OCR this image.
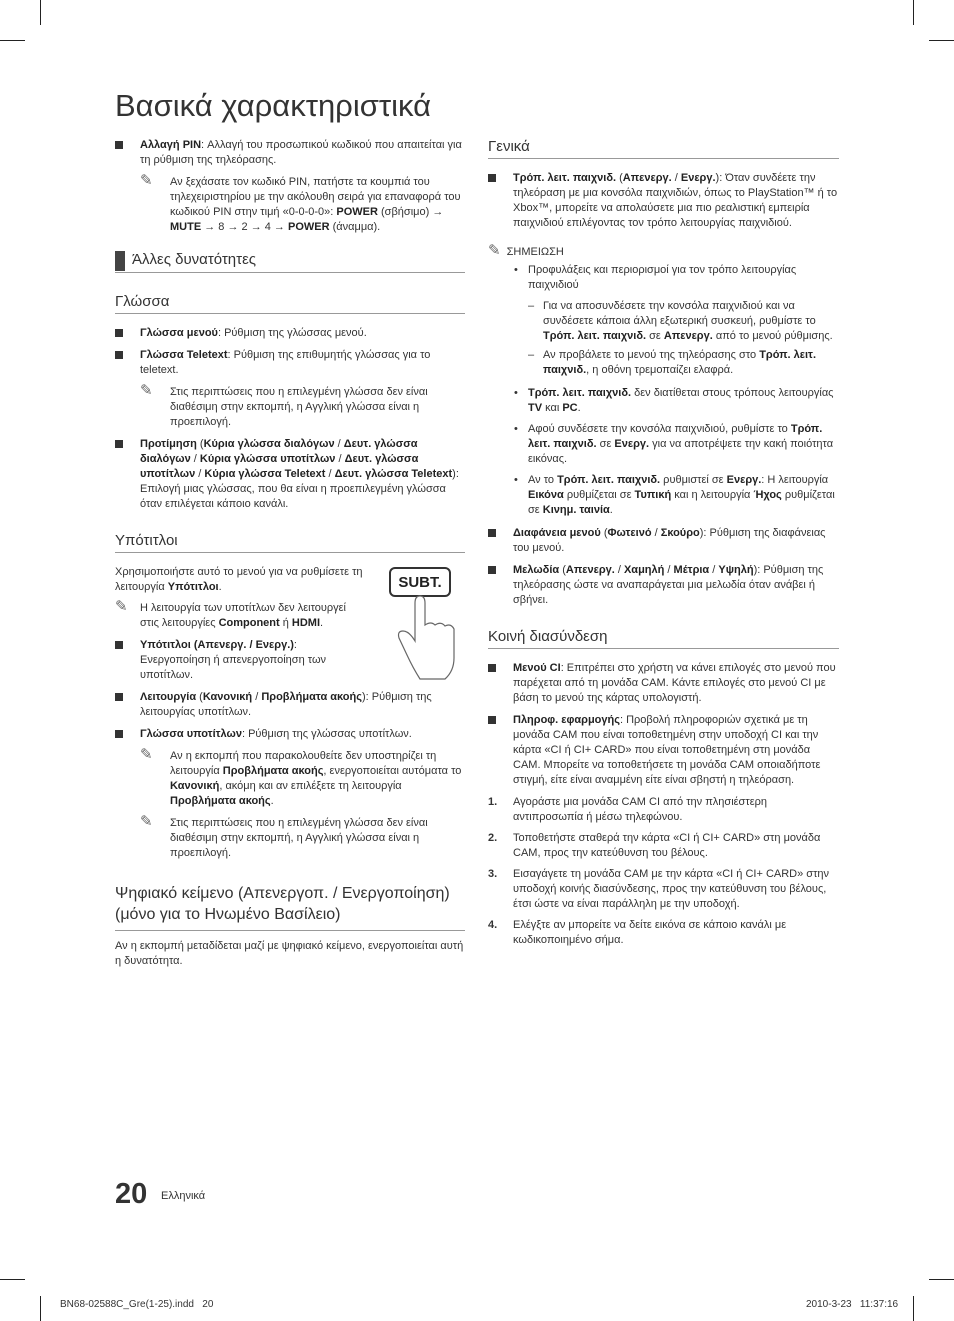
Βασικά χαρακτηριστικά
Αλλαγή PIN: Αλλαγή του προσωπικού κωδικού που απαιτείται για τη ρύθμιση της τηλεόρασης.
✎ Αν ξεχάσατε τον κωδικό PIN, πατήστε τα κουμπιά του τηλεχειριστηρίου με την ακόλουθη σειρά για επαναφορά του κωδικού PIN στην τιμή «0-0-0-0»: POWER (σβήσιμο) → MUTE → 8 → 2 → 4 → POWER (άναμμα).
Άλλες δυνατότητες
Γλώσσα
Γλώσσα μενού: Ρύθμιση της γλώσσας μενού.
Γλώσσα Teletext: Ρύθμιση της επιθυμητής γλώσσας για το teletext.
✎ Στις περιπτώσεις που η επιλεγμένη γλώσσα δεν είναι διαθέσιμη στην εκπομπή, η Αγγλική γλώσσα είναι η προεπιλογή.
Προτίμηση (Κύρια γλώσσα διαλόγων / Δευτ. γλώσσα διαλόγων / Κύρια γλώσσα υποτίτλων / Δευτ. γλώσσα υποτίτλων / Κύρια γλώσσα Teletext / Δευτ. γλώσσα Teletext): Επιλογή μιας γλώσσας, που θα είναι η προεπιλεγμένη γλώσσα όταν επιλέγεται κάποιο κανάλι.
Υπότιτλοι
SUBT.
Χρησιμοποιήστε αυτό το μενού για να ρυθμίσετε τη λειτουργία Υπότιτλοι.
✎ Η λειτουργία των υποτίτλων δεν λειτουργεί στις λειτουργίες Component ή HDMI.
Υπότιτλοι (Απενεργ. / Ενεργ.): Ενεργοποίηση ή απενεργοποίηση των υποτίτλων.
Λειτουργία (Κανονική / Προβλήματα ακοής): Ρύθμιση της λειτουργίας υποτίτλων.
Γλώσσα υποτίτλων: Ρύθμιση της γλώσσας υποτίτλων.
✎ Αν η εκπομπή που παρακολουθείτε δεν υποστηρίζει τη λειτουργία Προβλήματα ακοής, ενεργοποιείται αυτόματα το Κανονική, ακόμη και αν επιλέξετε τη λειτουργία Προβλήματα ακοής.
✎ Στις περιπτώσεις που η επιλεγμένη γλώσσα δεν είναι διαθέσιμη στην εκπομπή, η Αγγλική γλώσσα είναι η προεπιλογή.
Ψηφιακό κείμενο (Απενεργοπ. / Ενεργοποίηση) (μόνο για το Ηνωμένο Βασίλειο)
Αν η εκπομπή μεταδίδεται μαζί με ψηφιακό κείμενο, ενεργοποιείται αυτή η δυνατότητα.
Γενικά
Τρόπ. λειτ. παιχνιδ. (Απενεργ. / Ενεργ.): Όταν συνδέετε την τηλεόραση με μια κονσόλα παιχνιδιών, όπως το PlayStation™ ή το Xbox™, μπορείτε να απολαύσετε μια πιο ρεαλιστική εμπειρία παιχνιδιού επιλέγοντας τον τρόπο λειτουργίας παιχνιδιού.
✎ ΣΗΜΕΙΩΣΗ
• Προφυλάξεις και περιορισμοί για τον τρόπο λειτουργίας παιχνιδιού
– Για να αποσυνδέσετε την κονσόλα παιχνιδιού και να συνδέσετε κάποια άλλη εξωτερική συσκευή, ρυθμίστε το Τρόπ. λειτ. παιχνιδ. σε Απενεργ. από το μενού ρύθμισης.
– Αν προβάλετε το μενού της τηλεόρασης στο Τρόπ. λειτ. παιχνιδ., η οθόνη τρεμοπαίζει ελαφρά.
• Τρόπ. λειτ. παιχνιδ. δεν διατίθεται στους τρόπους λειτουργίας TV και PC.
• Αφού συνδέσετε την κονσόλα παιχνιδιού, ρυθμίστε το Τρόπ. λειτ. παιχνιδ. σε Ενεργ. για να αποτρέψετε την κακή ποιότητα εικόνας.
• Αν το Τρόπ. λειτ. παιχνιδ. ρυθμιστεί σε Ενεργ.: Η λειτουργία Εικόνα ρυθμίζεται σε Τυπική και η λειτουργία Ήχος ρυθμίζεται σε Κινημ. ταινία.
Διαφάνεια μενού (Φωτεινό / Σκούρο): Ρύθμιση της διαφάνειας του μενού.
Μελωδία (Απενεργ. / Χαμηλή / Μέτρια / Υψηλή): Ρύθμιση της τηλεόρασης ώστε να αναπαράγεται μια μελωδία όταν ανάβει ή σβήνει.
Κοινή διασύνδεση
Μενού CI: Επιτρέπει στο χρήστη να κάνει επιλογές στο μενού που παρέχεται από τη μονάδα CAM. Κάντε επιλογές στο μενού CI με βάση το μενού της κάρτας υπολογιστή.
Πληροφ. εφαρμογής: Προβολή πληροφοριών σχετικά με τη μονάδα CAM που είναι τοποθετημένη στην υποδοχή CI και την κάρτα «CI ή CI+ CARD» που είναι τοποθετημένη στη μονάδα CAM. Μπορείτε να τοποθετήσετε τη μονάδα CAM οποιαδήποτε στιγμή, είτε είναι αναμμένη είτε είναι σβηστή η τηλεόραση.
1. Αγοράστε μια μονάδα CAM CI από την πλησιέστερη αντιπροσωπία ή μέσω τηλεφώνου.
2. Τοποθετήστε σταθερά την κάρτα «CI ή CI+ CARD» στη μονάδα CAM, προς την κατεύθυνση του βέλους.
3. Εισαγάγετε τη μονάδα CAM με την κάρτα «CI ή CI+ CARD» στην υποδοχή κοινής διασύνδεσης, προς την κατεύθυνση του βέλους, έτσι ώστε να είναι παράλληλη με την υποδοχή.
4. Ελέγξτε αν μπορείτε να δείτε εικόνα σε κάποιο κανάλι με κωδικοποιημένο σήμα.
20 Ελληνικά
BN68-02588C_Gre(1-25).indd   20	2010-3-23   11:37:16
